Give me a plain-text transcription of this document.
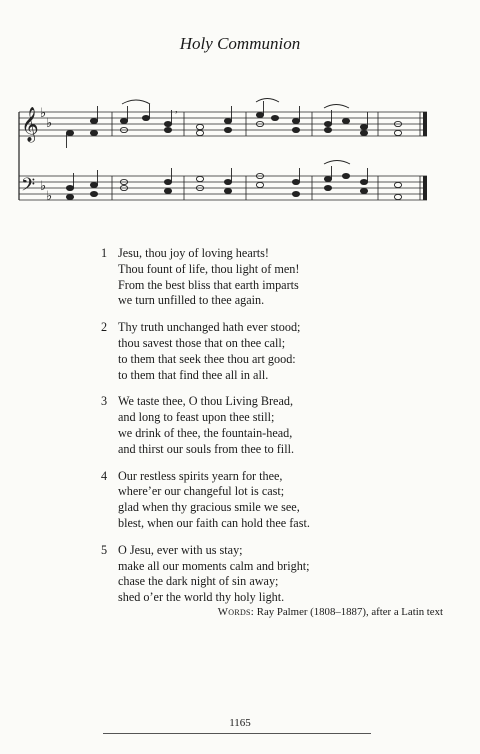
Holy Communion
𝄞
𝄢
♭
♭
♭
♭
,
1 Jesu, thou joy of loving hearts!
Thou fount of life, thou light of men!
From the best bliss that earth imparts
we turn unfilled to thee again.
2 Thy truth unchanged hath ever stood;
thou savest those that on thee call;
to them that seek thee thou art good:
to them that find thee all in all.
3 We taste thee, O thou Living Bread,
and long to feast upon thee still;
we drink of thee, the fountain-head,
and thirst our souls from thee to fill.
4 Our restless spirits yearn for thee,
where’er our changeful lot is cast;
glad when thy gracious smile we see,
blest, when our faith can hold thee fast.
5 O Jesu, ever with us stay;
make all our moments calm and bright;
chase the dark night of sin away;
shed o’er the world thy holy light.
Words: Ray Palmer (1808–1887), after a Latin text
1165
